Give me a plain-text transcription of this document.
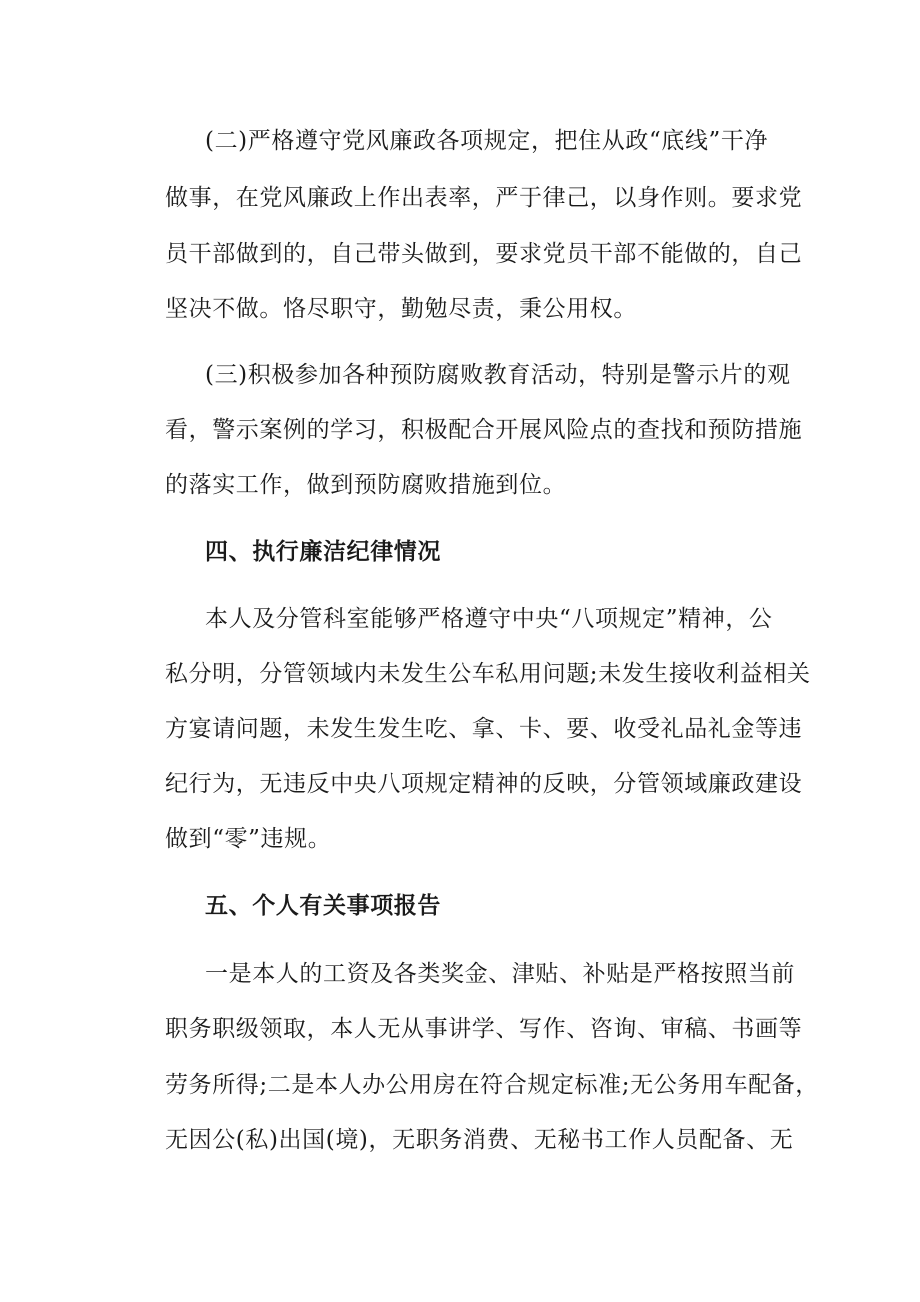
(二)严格遵守党风廉政各项规定，把住从政“底线”干净
做事，在党风廉政上作出表率，严于律己，以身作则。要求党
员干部做到的，自己带头做到，要求党员干部不能做的，自己
坚决不做。恪尽职守，勤勉尽责，秉公用权。
(三)积极参加各种预防腐败教育活动，特别是警示片的观
看，警示案例的学习，积极配合开展风险点的查找和预防措施
的落实工作，做到预防腐败措施到位。
四、执行廉洁纪律情况
本人及分管科室能够严格遵守中央“八项规定”精神，公
私分明，分管领域内未发生公车私用问题;未发生接收利益相关
方宴请问题，未发生发生吃、拿、卡、要、收受礼品礼金等违
纪行为，无违反中央八项规定精神的反映，分管领域廉政建设
做到“零”违规。
五、个人有关事项报告
一是本人的工资及各类奖金、津贴、补贴是严格按照当前
职务职级领取，本人无从事讲学、写作、咨询、审稿、书画等
劳务所得;二是本人办公用房在符合规定标准;无公务用车配备，
无因公(私)出国(境)，无职务消费、无秘书工作人员配备、无
